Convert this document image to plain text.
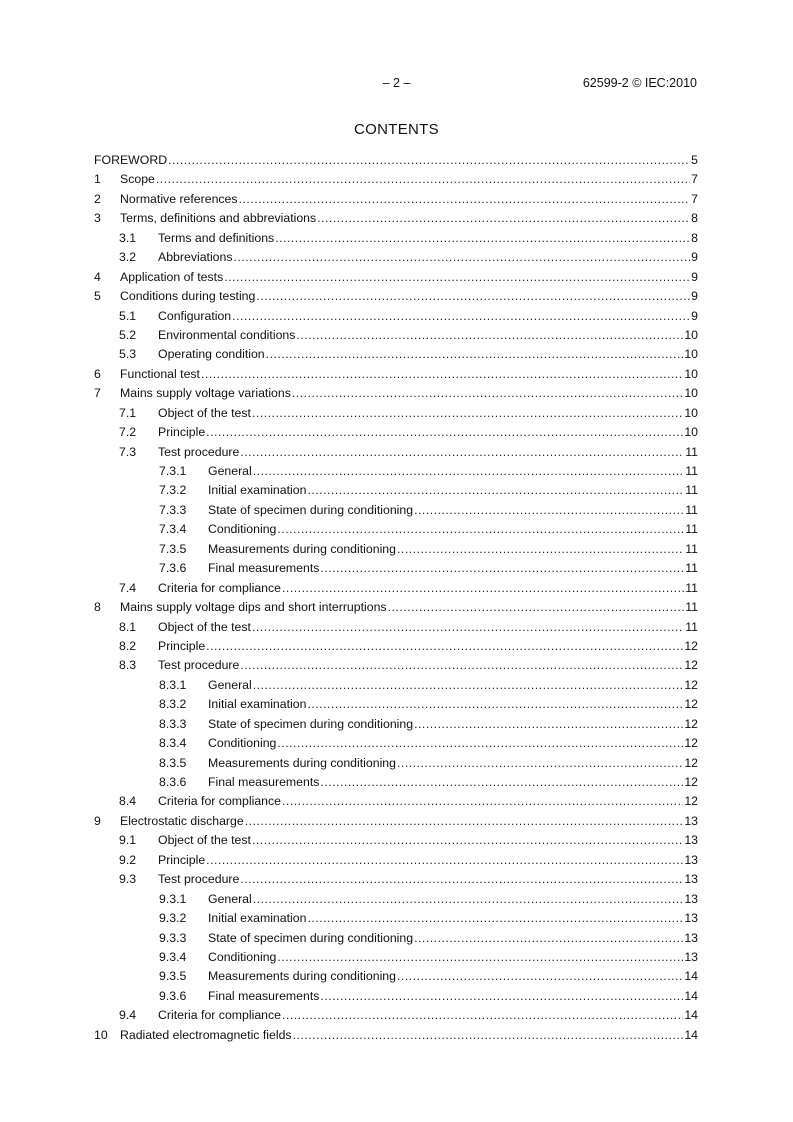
– 2 –	62599-2 © IEC:2010
CONTENTS
FOREWORD .....	5
1	Scope .....	7
2	Normative references .....	7
3	Terms, definitions and abbreviations .....	8
3.1	Terms and definitions .....	8
3.2	Abbreviations .....	9
4	Application of tests .....	9
5	Conditions during testing .....	9
5.1	Configuration .....	9
5.2	Environmental conditions .....	10
5.3	Operating condition .....	10
6	Functional test .....	10
7	Mains supply voltage variations .....	10
7.1	Object of the test .....	10
7.2	Principle .....	10
7.3	Test procedure .....	11
7.3.1	General .....	11
7.3.2	Initial examination .....	11
7.3.3	State of specimen during conditioning .....	11
7.3.4	Conditioning .....	11
7.3.5	Measurements during conditioning .....	11
7.3.6	Final measurements .....	11
7.4	Criteria for compliance .....	11
8	Mains supply voltage dips and short interruptions .....	11
8.1	Object of the test .....	11
8.2	Principle .....	12
8.3	Test procedure .....	12
8.3.1	General .....	12
8.3.2	Initial examination .....	12
8.3.3	State of specimen during conditioning .....	12
8.3.4	Conditioning .....	12
8.3.5	Measurements during conditioning .....	12
8.3.6	Final measurements .....	12
8.4	Criteria for compliance .....	12
9	Electrostatic discharge .....	13
9.1	Object of the test .....	13
9.2	Principle .....	13
9.3	Test procedure .....	13
9.3.1	General .....	13
9.3.2	Initial examination .....	13
9.3.3	State of specimen during conditioning .....	13
9.3.4	Conditioning .....	13
9.3.5	Measurements during conditioning .....	14
9.3.6	Final measurements .....	14
9.4	Criteria for compliance .....	14
10	Radiated electromagnetic fields .....	14
